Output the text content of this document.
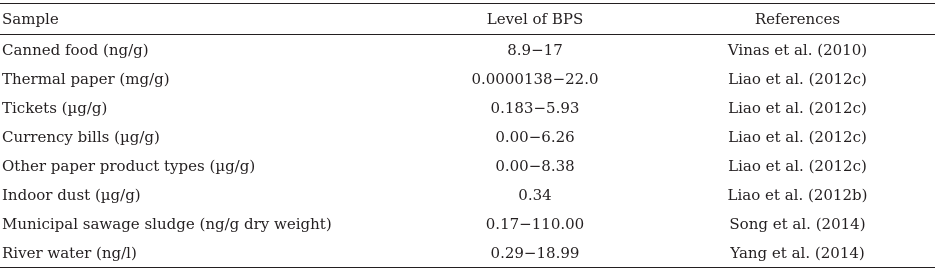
Sample	Level of BPS	References
Canned food (ng/g)	8.9−17	Vinas et al. (2010)
Thermal paper (mg/g)	0.0000138−22.0	Liao et al. (2012c)
Tickets (µg/g)	0.183−5.93	Liao et al. (2012c)
Currency bills (µg/g)	0.00−6.26	Liao et al. (2012c)
Other paper product types (µg/g)	0.00−8.38	Liao et al. (2012c)
Indoor dust (µg/g)	0.34	Liao et al. (2012b)
Municipal sawage sludge (ng/g dry weight)	0.17−110.00	Song et al. (2014)
River water (ng/l)	0.29−18.99	Yang et al. (2014)
